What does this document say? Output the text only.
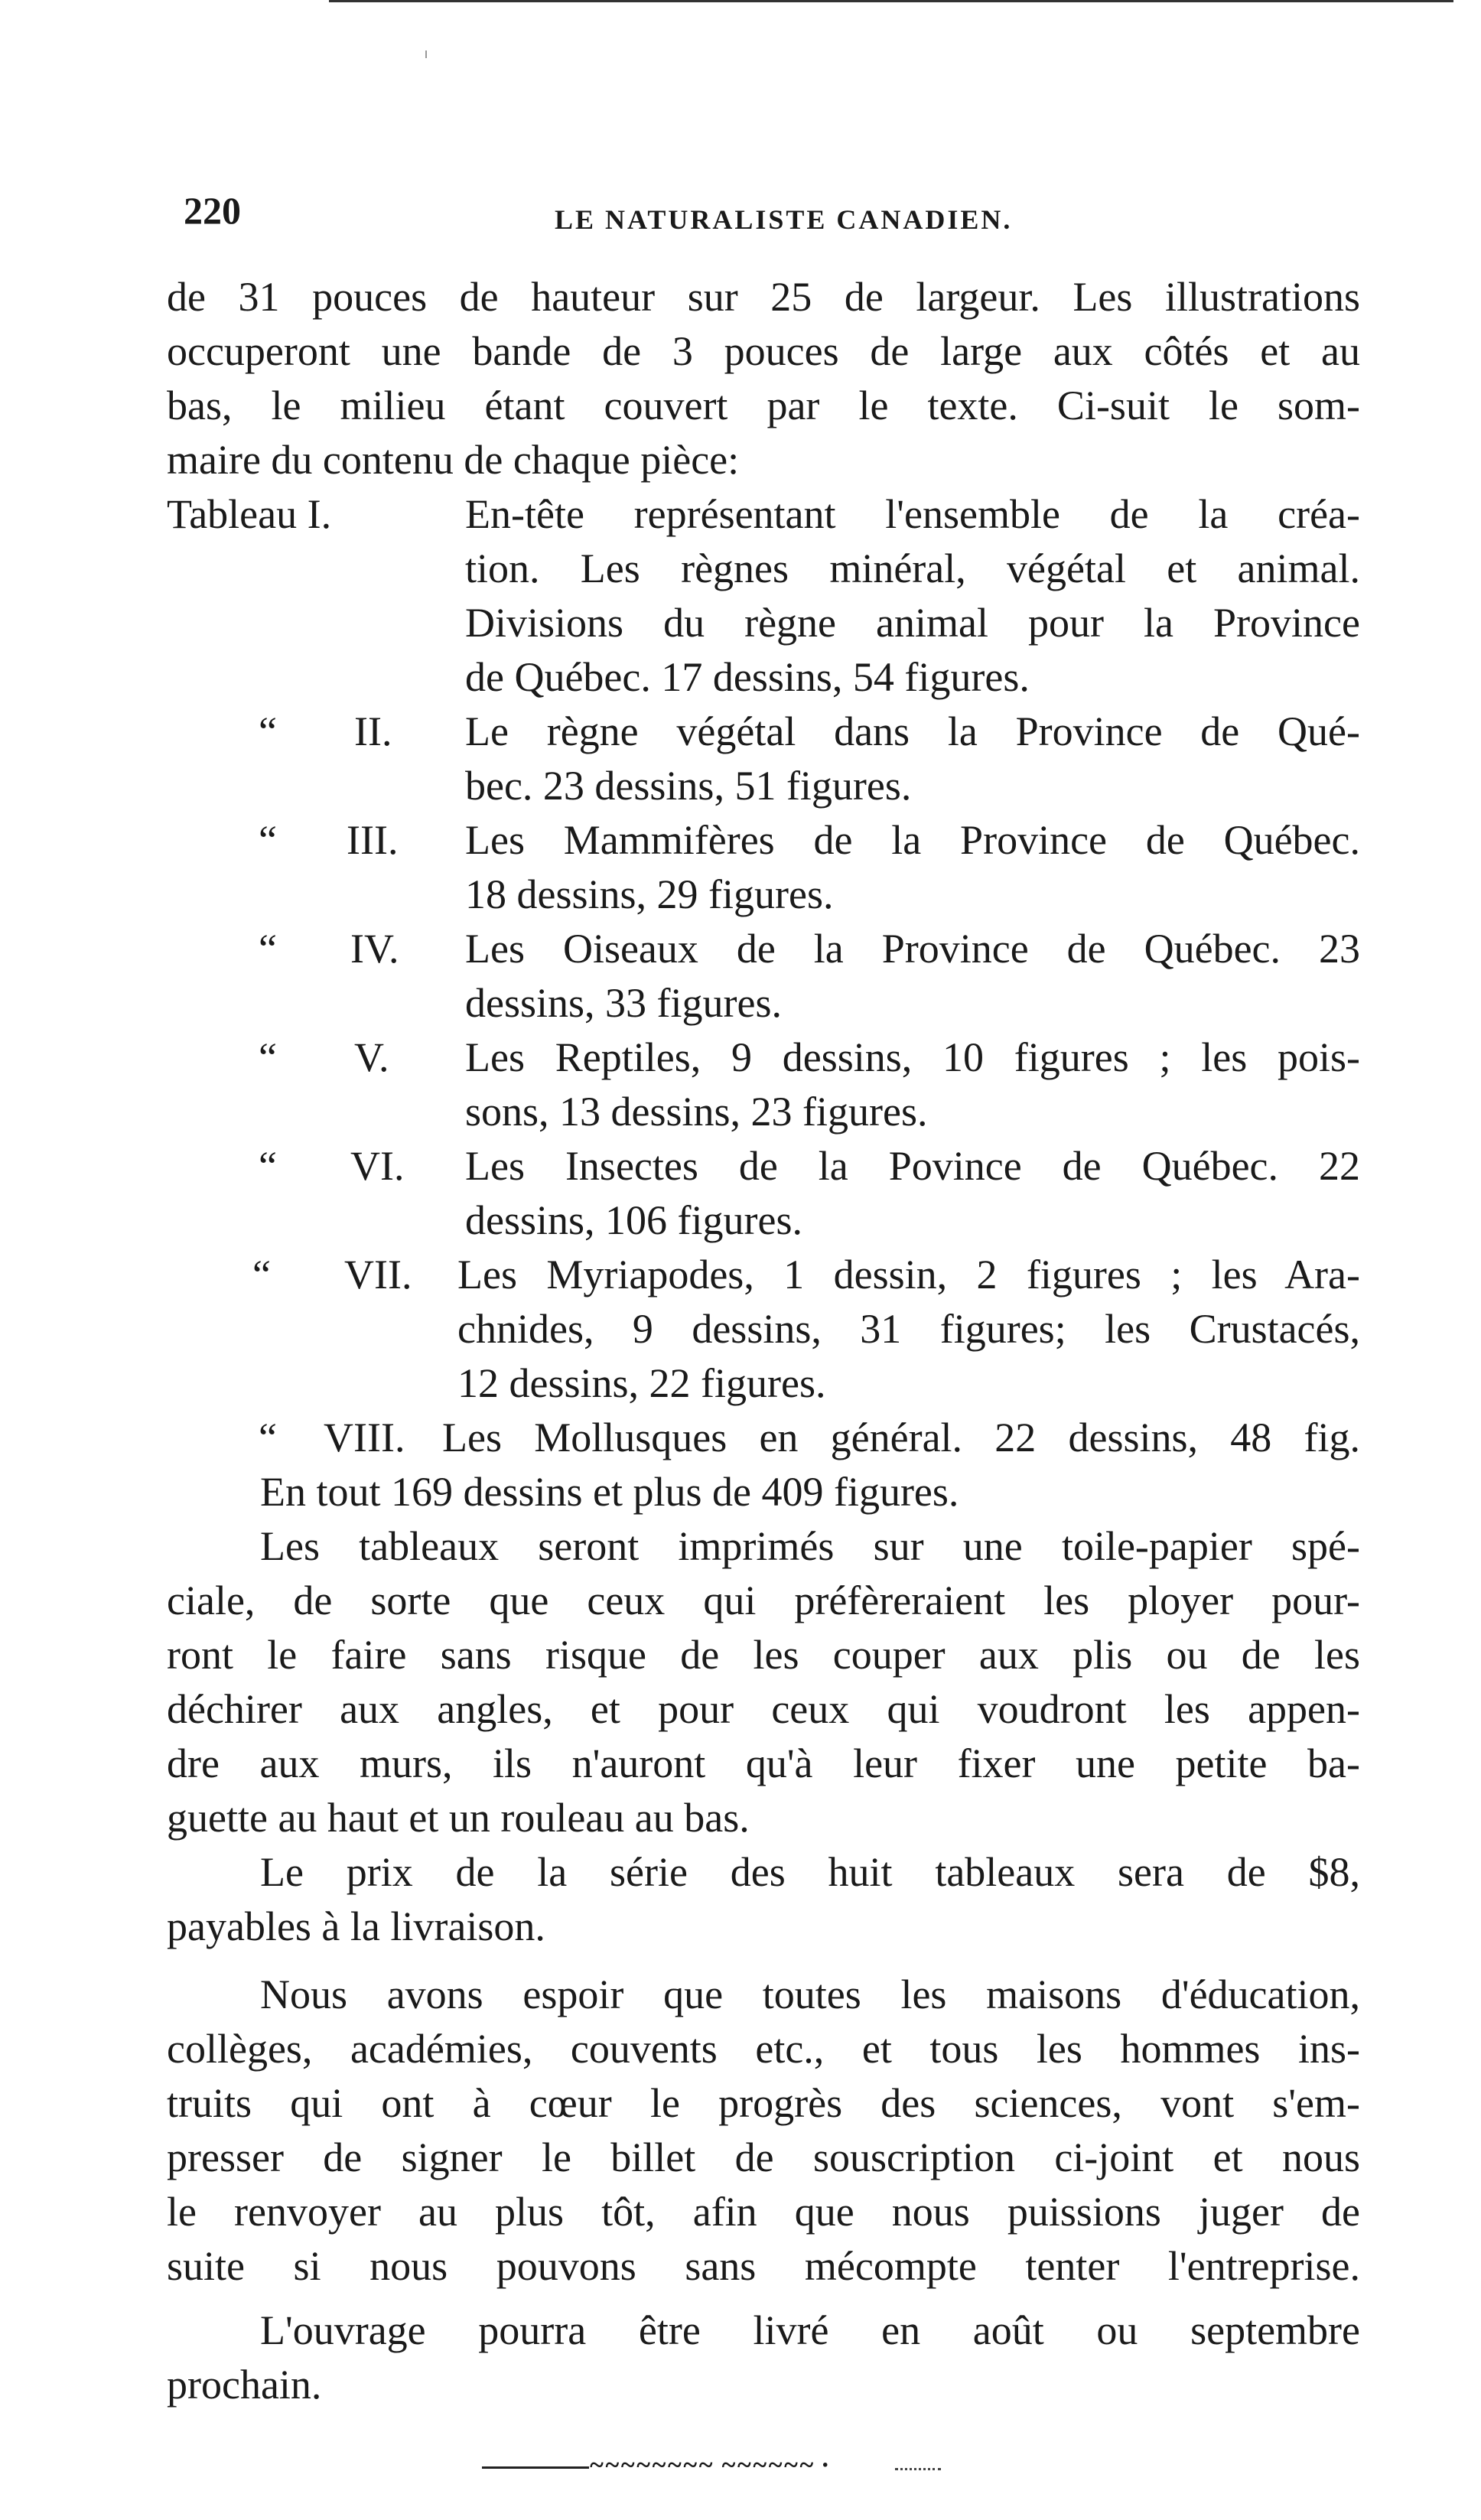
220	LE NATURALISTE CANADIEN.
de 31 pouces de hauteur sur 25 de largeur. Les illustrations
occuperont une bande de 3 pouces de large aux côtés et au
bas, le milieu étant couvert par le texte. Ci-suit le som-
maire du contenu de chaque pièce:
Tableau I.	En-tête représentant l'ensemble de la créa-
tion. Les règnes minéral, végétal et animal.
Divisions du règne animal pour la Province
de Québec. 17 dessins, 54 figures.
“ II. Le règne végétal dans la Province de Qué-
bec. 23 dessins, 51 figures.
“ III. Les Mammifères de la Province de Québec.
18 dessins, 29 figures.
“ IV. Les Oiseaux de la Province de Québec. 23
dessins, 33 figures.
“ V. Les Reptiles, 9 dessins, 10 figures ; les pois-
sons, 13 dessins, 23 figures.
“ VI. Les Insectes de la Povince de Québec. 22
dessins, 106 figures.
“ VII. Les Myriapodes, 1 dessin, 2 figures ; les Ara-
chnides, 9 dessins, 31 figures; les Crustacés,
12 dessins, 22 figures.
“ VIII. Les Mollusques en général. 22 dessins, 48 fig.
En tout 169 dessins et plus de 409 figures.
Les tableaux seront imprimés sur une toile-papier spé-
ciale, de sorte que ceux qui préfèreraient les ployer pour-
ront le faire sans risque de les couper aux plis ou de les
déchirer aux angles, et pour ceux qui voudront les appen-
dre aux murs, ils n'auront qu'à leur fixer une petite ba-
guette au haut et un rouleau au bas.
Le prix de la série des huit tableaux sera de $8,
payables à la livraison.
Nous avons espoir que toutes les maisons d'éducation,
collèges, académies, couvents etc., et tous les hommes ins-
truits qui ont à cœur le progrès des sciences, vont s'em-
presser de signer le billet de souscription ci-joint et nous
le renvoyer au plus tôt, afin que nous puissions juger de
suite si nous pouvons sans mécompte tenter l'entreprise.
L'ouvrage pourra être livré en août ou septembre
prochain.
~~~~~~~~ ~~~~~~ ·
